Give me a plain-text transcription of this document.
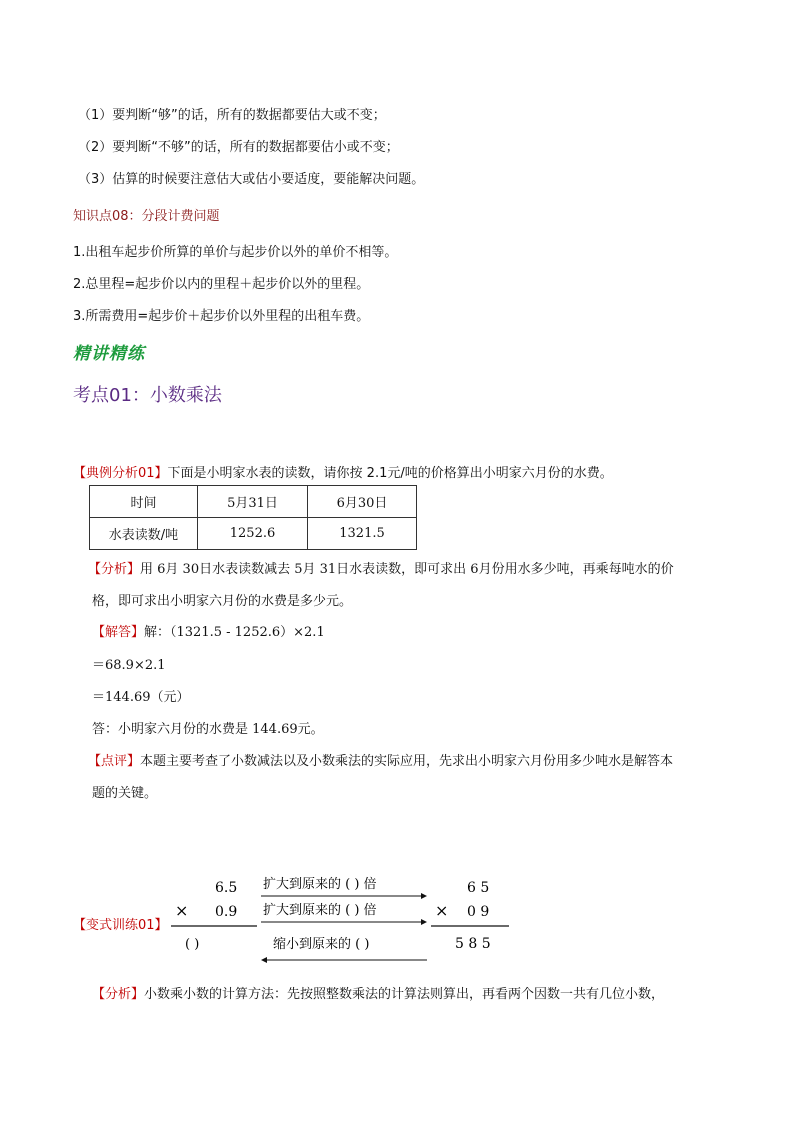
（1）要判断“够”的话，所有的数据都要估大或不变；
（2）要判断“不够”的话，所有的数据都要估小或不变；
（3）估算的时候要注意估大或估小要适度，要能解决问题。
知识点08：分段计费问题
1.出租车起步价所算的单价与起步价以外的单价不相等。
2.总里程=起步价以内的里程＋起步价以外的里程。
3.所需费用=起步价＋起步价以外里程的出租车费。
精讲精练
考点01：小数乘法
【典例分析01】下面是小明家水表的读数，请你按 2.1元/吨的价格算出小明家六月份的水费。
时间	5月31日	6月30日
水表读数/吨	1252.6	1321.5
【分析】用 6月 30日水表读数减去 5月 31日水表读数，即可求出 6月份用水多少吨，再乘每吨水的价
格，即可求出小明家六月份的水费是多少元。
【解答】解：（1321.5 - 1252.6）×2.1
＝68.9×2.1
＝144.69（元）
答：小明家六月份的水费是 144.69元。
【点评】本题主要考查了小数减法以及小数乘法的实际应用，先求出小明家六月份用多少吨水是解答本
题的关键。
【变式训练01】
6.5
× 0.9
( )
扩大到原来的 ( ) 倍
扩大到原来的 ( ) 倍
缩小到原来的 ( )
6 5
× 0 9
5 8 5
【分析】小数乘小数的计算方法：先按照整数乘法的计算法则算出，再看两个因数一共有几位小数，
